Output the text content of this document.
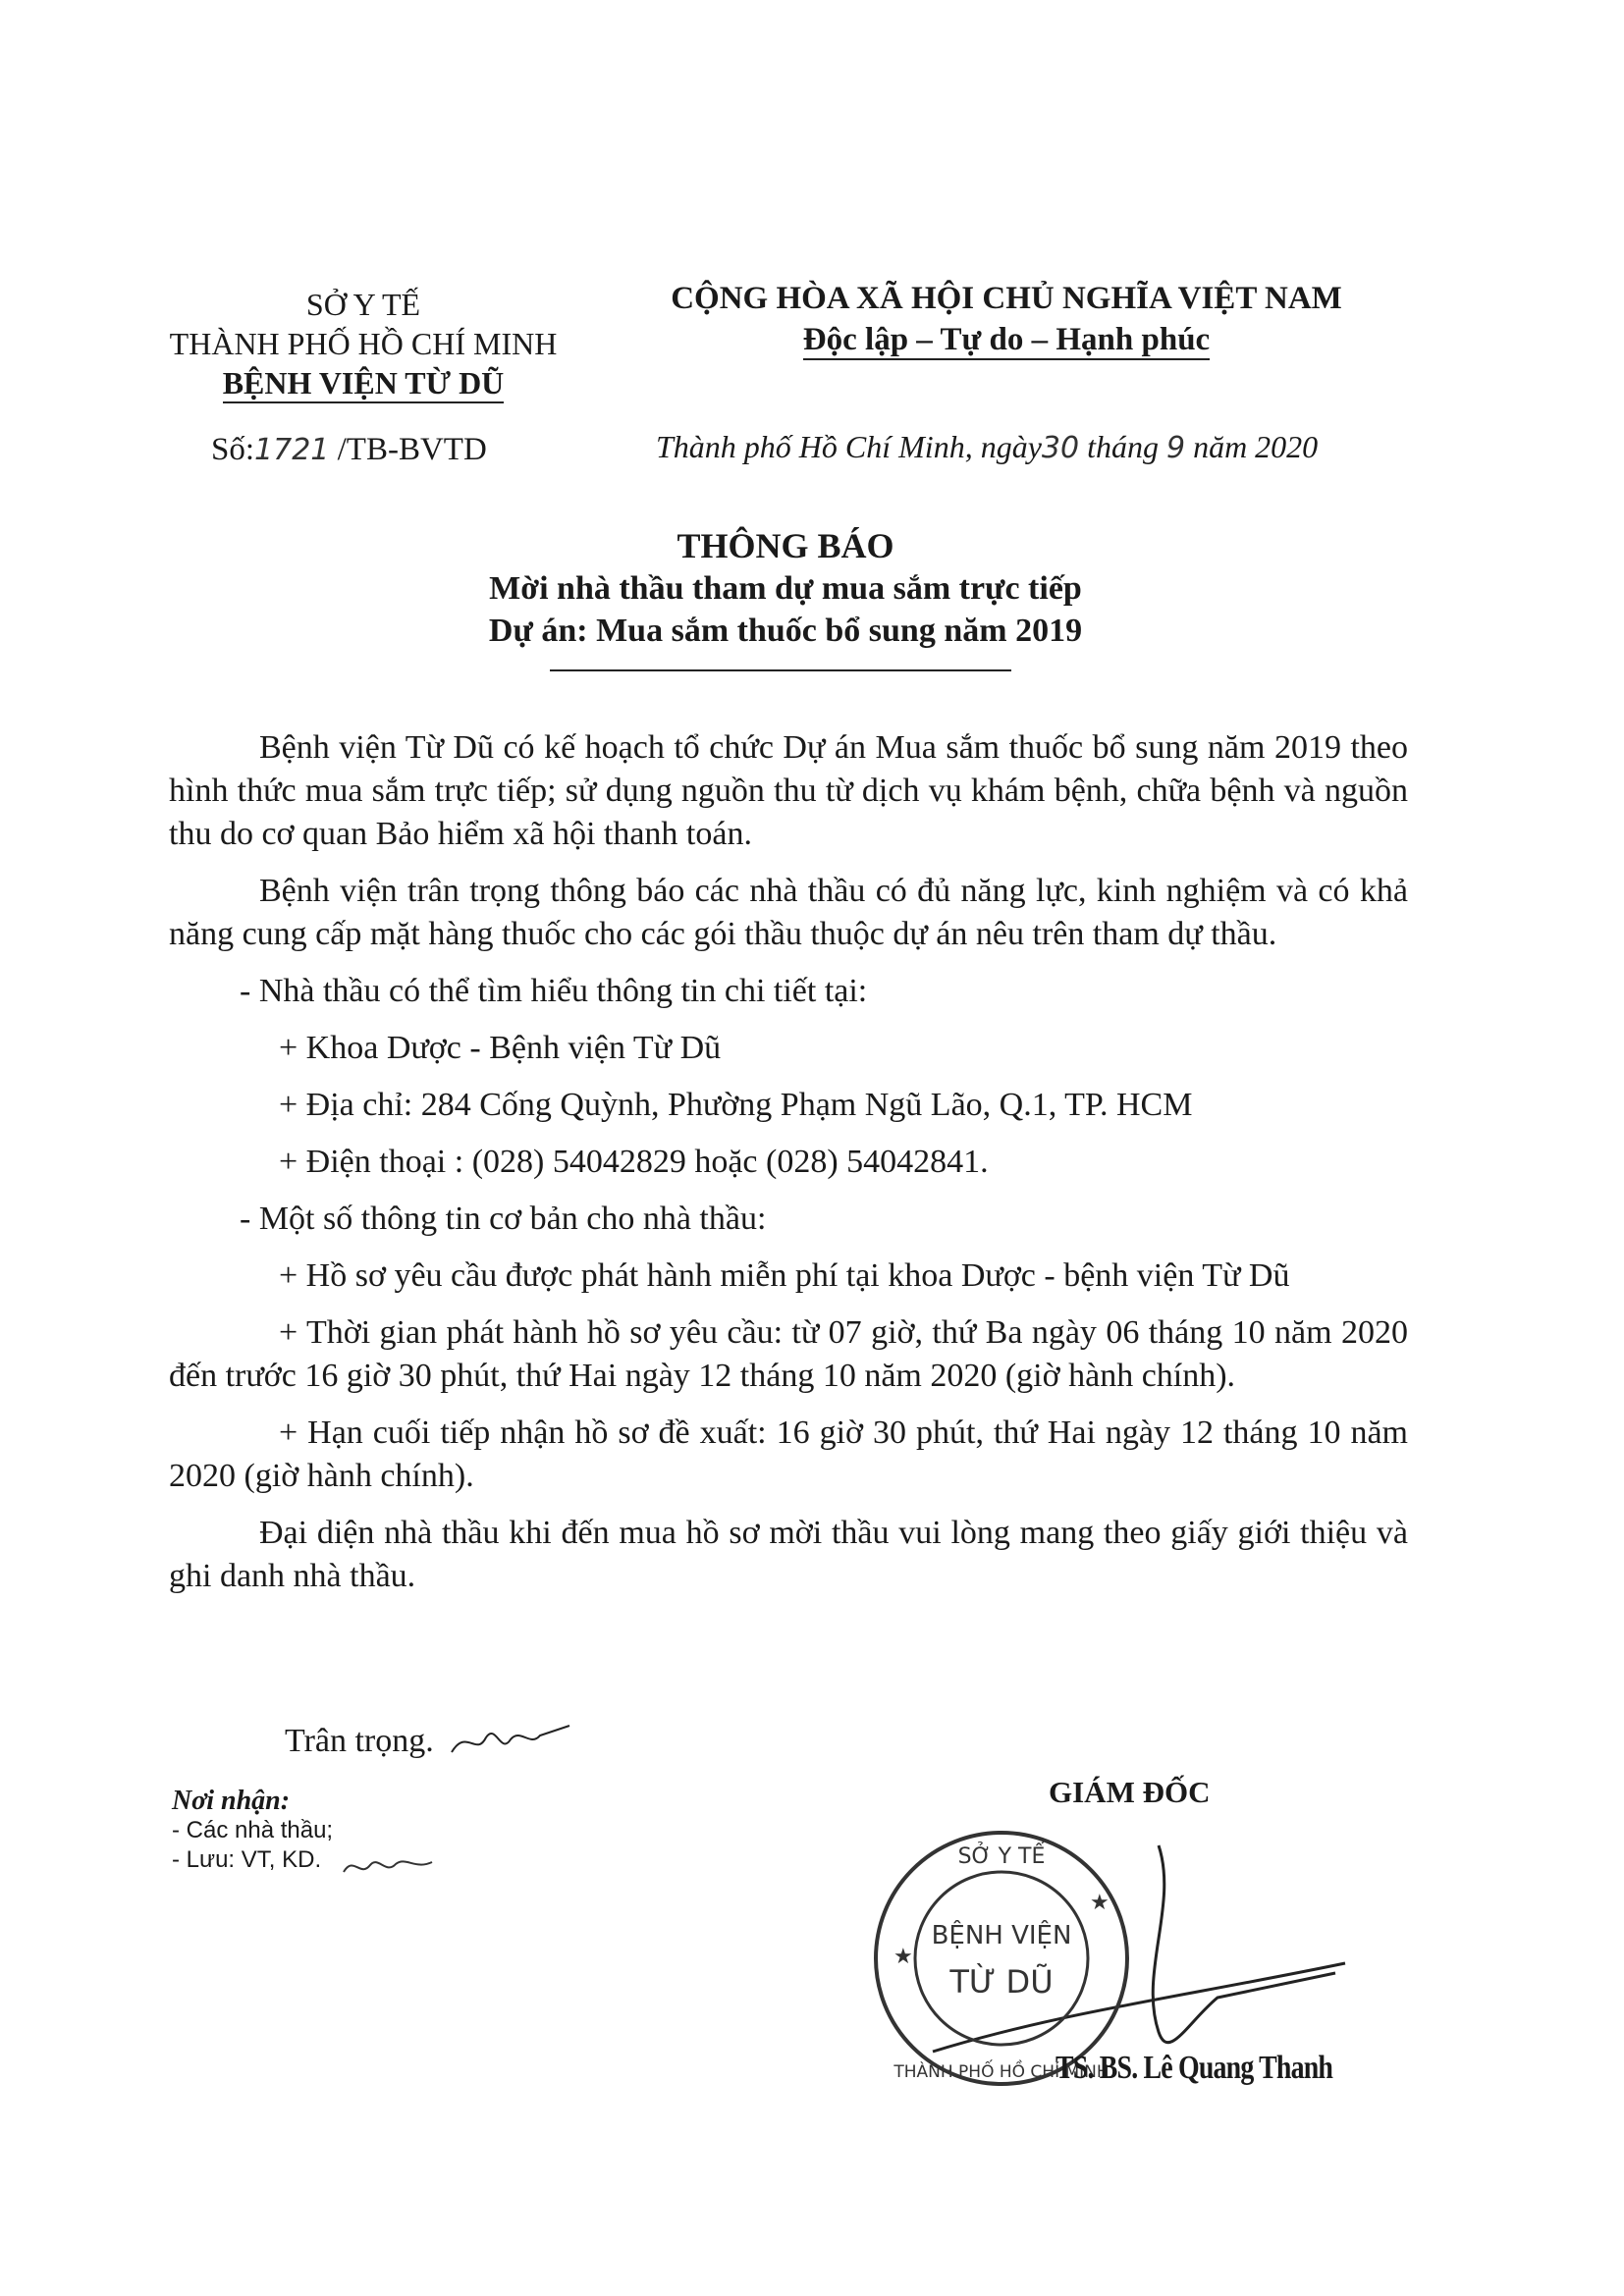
SỞ Y TẾ
THÀNH PHỐ HỒ CHÍ MINH
BỆNH VIỆN TỪ DŨ
CỘNG HÒA XÃ HỘI CHỦ NGHĨA VIỆT NAM
Độc lập – Tự do – Hạnh phúc
Số:1721 /TB-BVTD	Thành phố Hồ Chí Minh, ngày30 tháng 9 năm 2020
THÔNG BÁO
Mời nhà thầu tham dự mua sắm trực tiếp
Dự án: Mua sắm thuốc bổ sung năm 2019

Bệnh viện Từ Dũ có kế hoạch tổ chức Dự án Mua sắm thuốc bổ sung năm 2019 theo hình thức mua sắm trực tiếp; sử dụng nguồn thu từ dịch vụ khám bệnh, chữa bệnh và nguồn thu do cơ quan Bảo hiểm xã hội thanh toán.

Bệnh viện trân trọng thông báo các nhà thầu có đủ năng lực, kinh nghiệm và có khả năng cung cấp mặt hàng thuốc cho các gói thầu thuộc dự án nêu trên tham dự thầu.

- Nhà thầu có thể tìm hiểu thông tin chi tiết tại:

+ Khoa Dược - Bệnh viện Từ Dũ

+ Địa chỉ: 284 Cống Quỳnh, Phường Phạm Ngũ Lão, Q.1, TP. HCM

+ Điện thoại : (028) 54042829 hoặc (028) 54042841.

- Một số thông tin cơ bản cho nhà thầu:

+ Hồ sơ yêu cầu được phát hành miễn phí tại khoa Dược - bệnh viện Từ Dũ

+ Thời gian phát hành hồ sơ yêu cầu: từ 07 giờ, thứ Ba ngày 06 tháng 10 năm 2020 đến trước 16 giờ 30 phút, thứ Hai ngày 12 tháng 10 năm 2020 (giờ hành chính).

+ Hạn cuối tiếp nhận hồ sơ đề xuất: 16 giờ 30 phút, thứ Hai ngày 12 tháng 10 năm 2020 (giờ hành chính).

Đại diện nhà thầu khi đến mua hồ sơ mời thầu vui lòng mang theo giấy giới thiệu và ghi danh nhà thầu.

Trân trọng.
Nơi nhận:
- Các nhà thầu;
- Lưu: VT, KD.
GIÁM ĐỐC
SỞ Y TẾ
BỆNH VIỆN
TỪ DŨ
THÀNH PHỐ HỒ CHÍ MINH
★
★
TS. BS. Lê Quang Thanh
